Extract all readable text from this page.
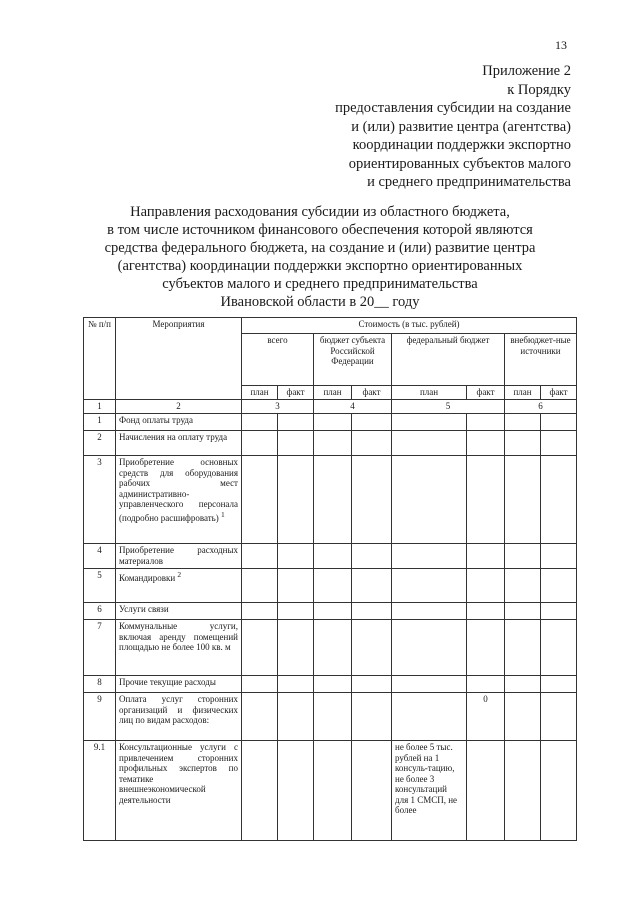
13
Приложение 2
к Порядку
предоставления субсидии на создание
и (или) развитие центра (агентства)
координации поддержки экспортно
ориентированных субъектов малого
и среднего предпринимательства
Направления расходования субсидии из областного бюджета,
в том числе источником финансового обеспечения которой являются
средства федерального бюджета, на создание и (или) развитие центра
(агентства) координации поддержки экспортно ориентированных
субъектов малого и среднего предпринимательства
Ивановской области в 20__ году
№ п/п	Мероприятия	Стоимость (в тыс. рублей)							
		всего		бюджет субъекта Российской Федерации		федеральный бюджет		внебюджет-ные источники	
		план	факт	план	факт	план	факт	план	факт
1	2	3		4		5		6	
1	Фонд оплаты труда								
2	Начисления на оплату труда								
3	Приобретение основных средств для оборудования рабочих мест административно-управленческого персонала (подробно расшифровать) $^1$								
4	Приобретение расходных материалов								
5	Командировки $^2$								
6	Услуги связи								
7	Коммунальные услуги, включая аренду помещений площадью не более 100 кв. м								
8	Прочие текущие расходы								
9	Оплата услуг сторонних организаций и физических лиц по видам расходов:						0		
9.1	Консультационные услуги с привлечением сторонних профильных экспертов по тематике внешнеэкономической деятельности					не более 5 тыс. рублей на 1 консуль-тацию, не более 3 консультаций для 1 СМСП, не более			
